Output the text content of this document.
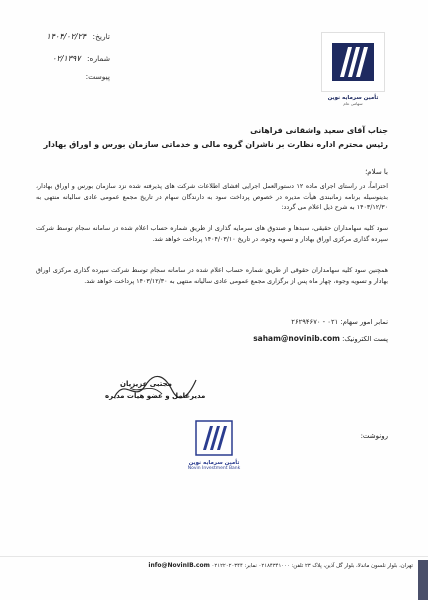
تاریخ: ۱۴۰۴/۰۲/۲۴
شماره: ۰۲/۱۳۹۷
پیوست:
تأمین سرمایه نوین
سهامی عام
جناب آقای سعید واشقانی فراهانی
رئیس محترم اداره نظارت بر ناشران گروه مالی و خدماتی سازمان بورس و اوراق بهادار
با سلام؛
احتراماً، در راستای اجرای ماده ۱۲ دستورالعمل اجرایی افشای اطلاعات شرکت های پذیرفته شده نزد سازمان بورس و اوراق بهادار، بدینوسیله برنامه زمانبندی هیأت مدیره در خصوص پرداخت سود به دارندگان سهام در تاریخ مجمع عمومی عادی سالیانه منتهی به ۱۴۰۳/۱۲/۳۰ به شرح ذیل اعلام می گردد:
سود کلیه سهامداران حقیقی، سبدها و صندوق های سرمایه گذاری از طریق شماره حساب اعلام شده در سامانه سجام توسط شرکت سپرده گذاری مرکزی اوراق بهادار و تسویه وجوه، در تاریخ ۱۴۰۴/۰۳/۱۰ پرداخت خواهد شد.
همچنین سود کلیه سهامداران حقوقی از طریق شماره حساب اعلام شده در سامانه سجام توسط شرکت سپرده گذاری مرکزی اوراق بهادار و تسویه وجوه، چهار ماه پس از برگزاری مجمع عمومی عادی سالیانه منتهی به ۱۴۰۳/۱۲/۳۰ پرداخت خواهد شد.
نمابر امور سهام: ۰۲۱ - ۲۶۲۹۴۶۷۰
پست الکترونیک: saham@novinib.com
مجتبی عزیزیان
مدیرعامل و عضو هیات مدیره
تأمین سرمایه نوین
Novin Investment Bank
رونوشت:
تهران، بلوار نلسون ماندلا، بلوار گل آذین، پلاک ۲۳ تلفن: ۰۲۱۸۴۳۴۱۰۰۰ نمابر: ۰۲۱۲۲۰۲۰۳۴۴ info@NovinIB.com
